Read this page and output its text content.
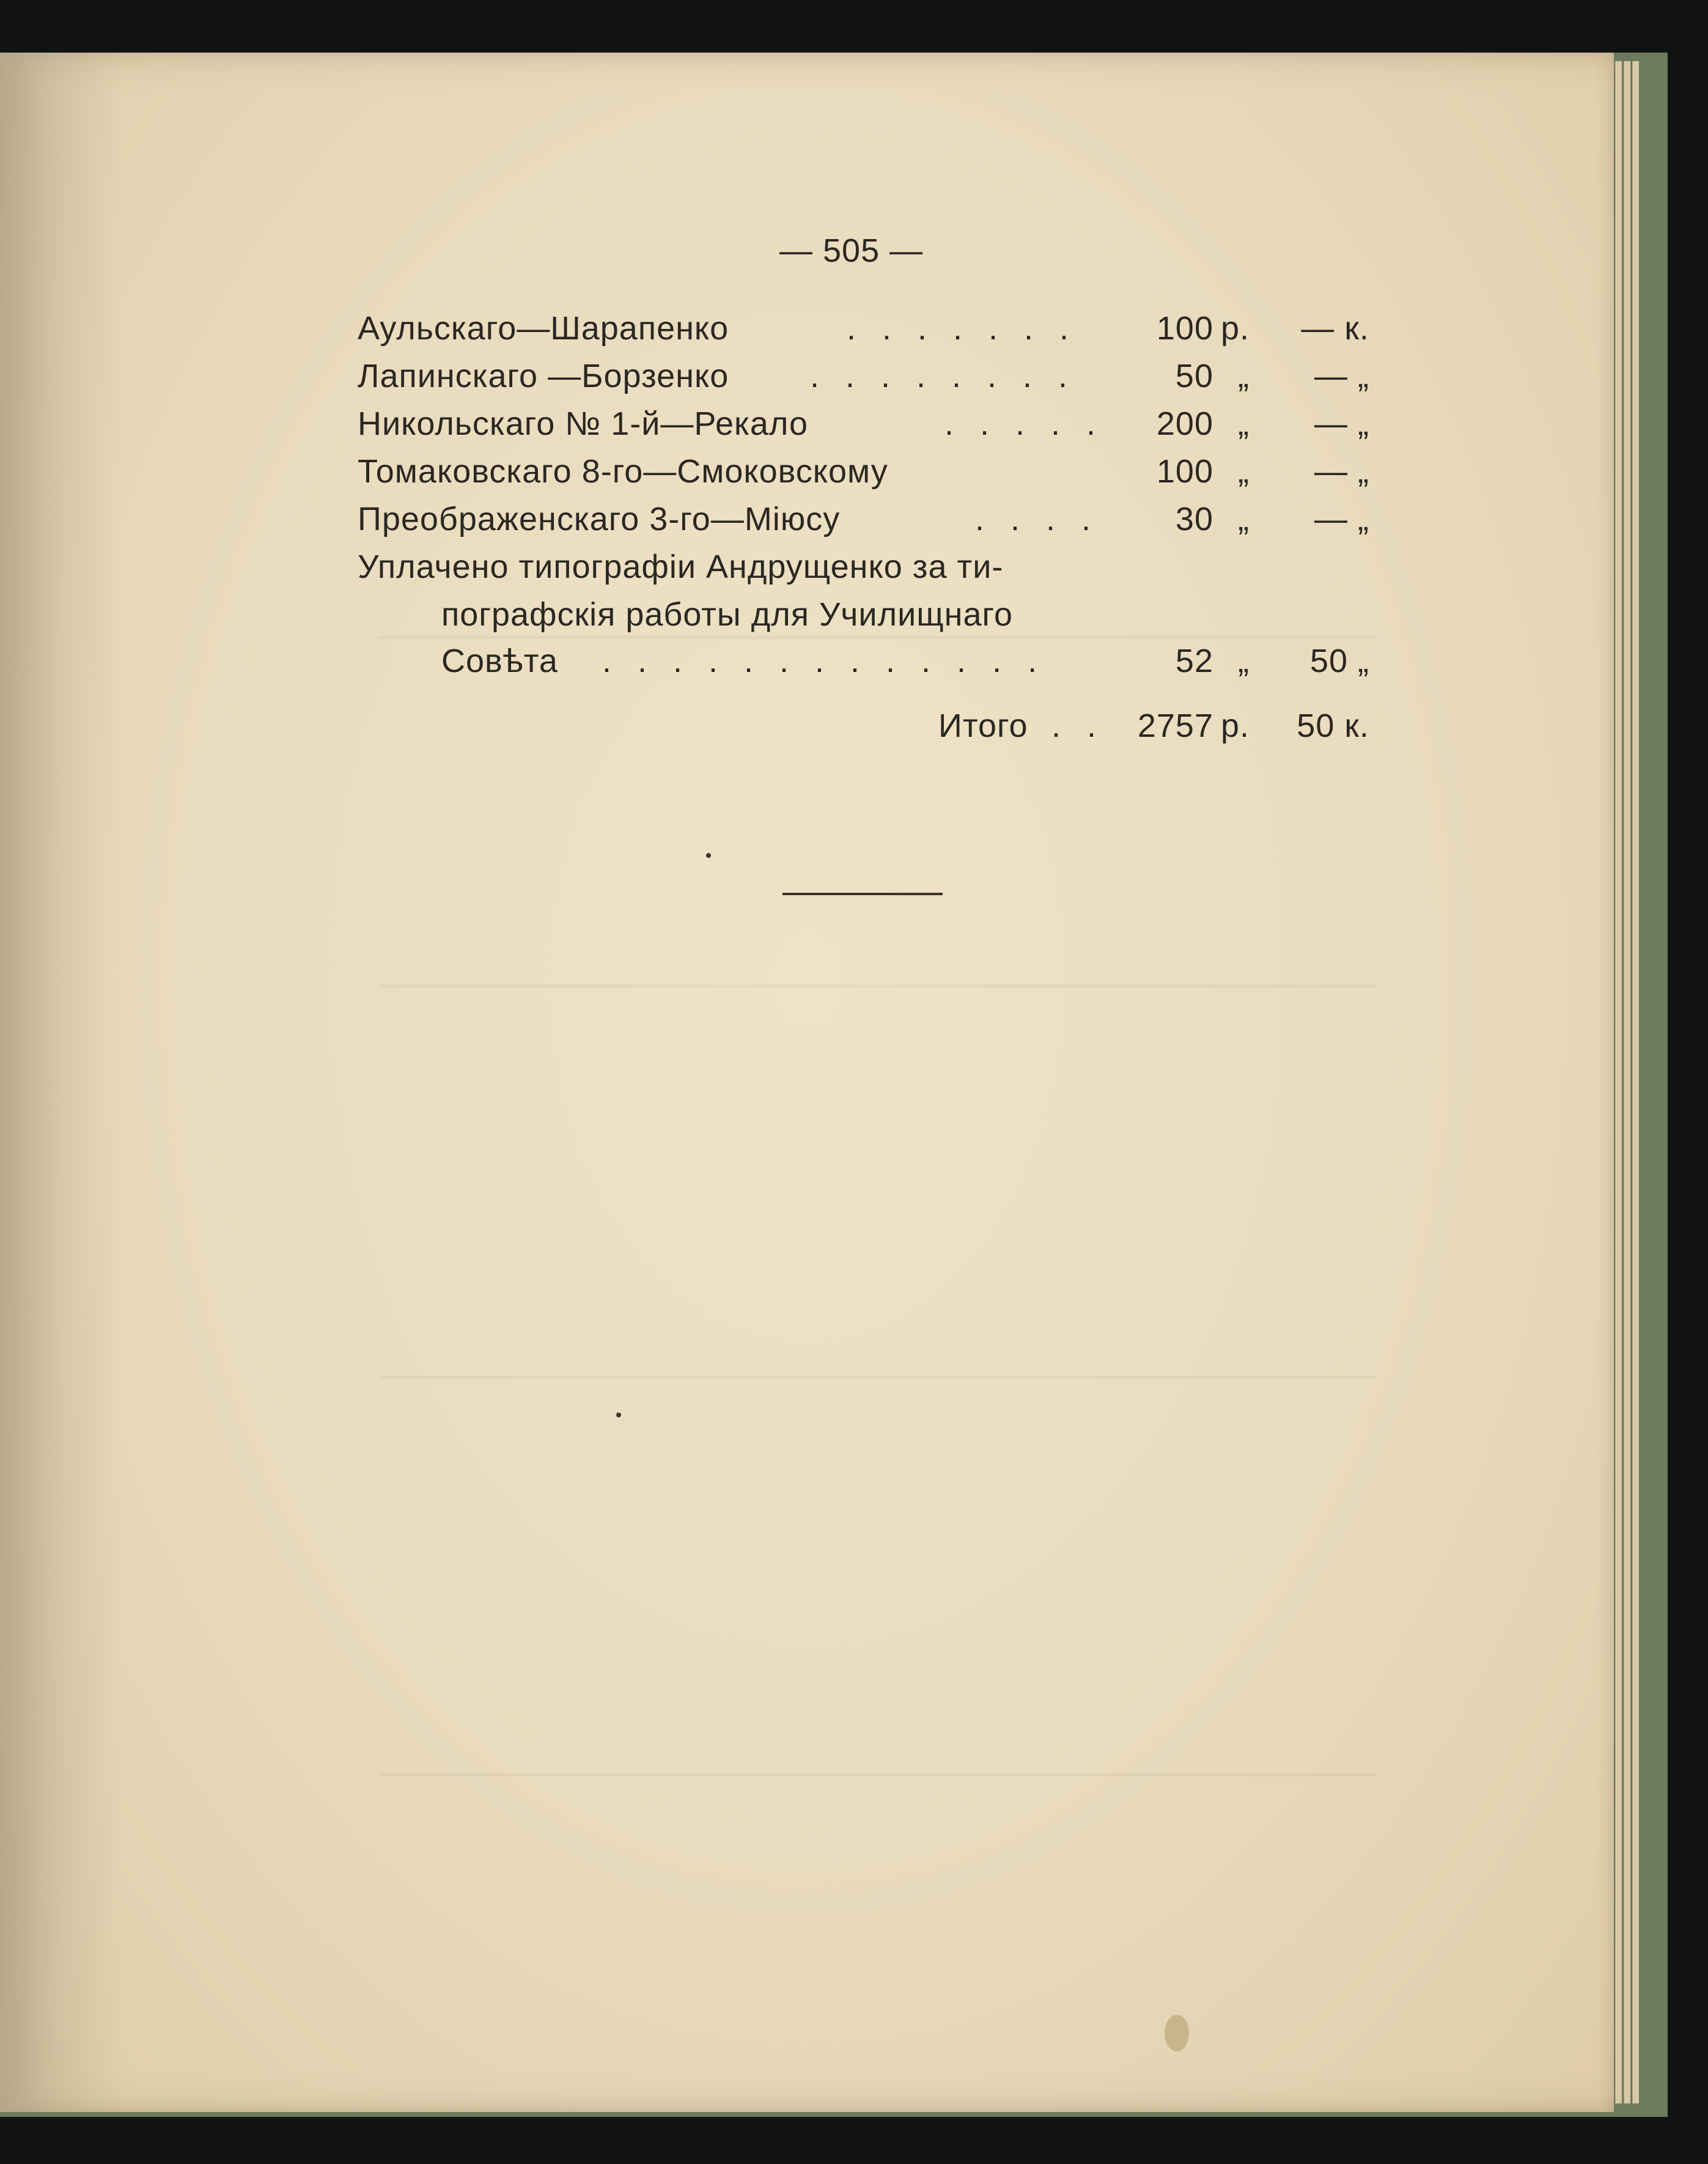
— 505 —
Аульскаго—Шарапенко	. . . . . . .	100 р.	— к.
Лапинскаго —Борзенко . . . . . . . .	50 „	— „
Никольскаго № 1-й—Рекало	. . . . .	200 „	— „
Томаковскаго 8-го—Смоковскому	100 „	— „
Преображенскаго 3-го—Міюсу	. . . .	30 „	— „
Уплачено типографіи Андрущенко за ти-
пографскія работы для Училищнаго
Совѣта . . . . . . . . . . . . .	52 „	50 „
Итого . . 2757 р.	50 к.
